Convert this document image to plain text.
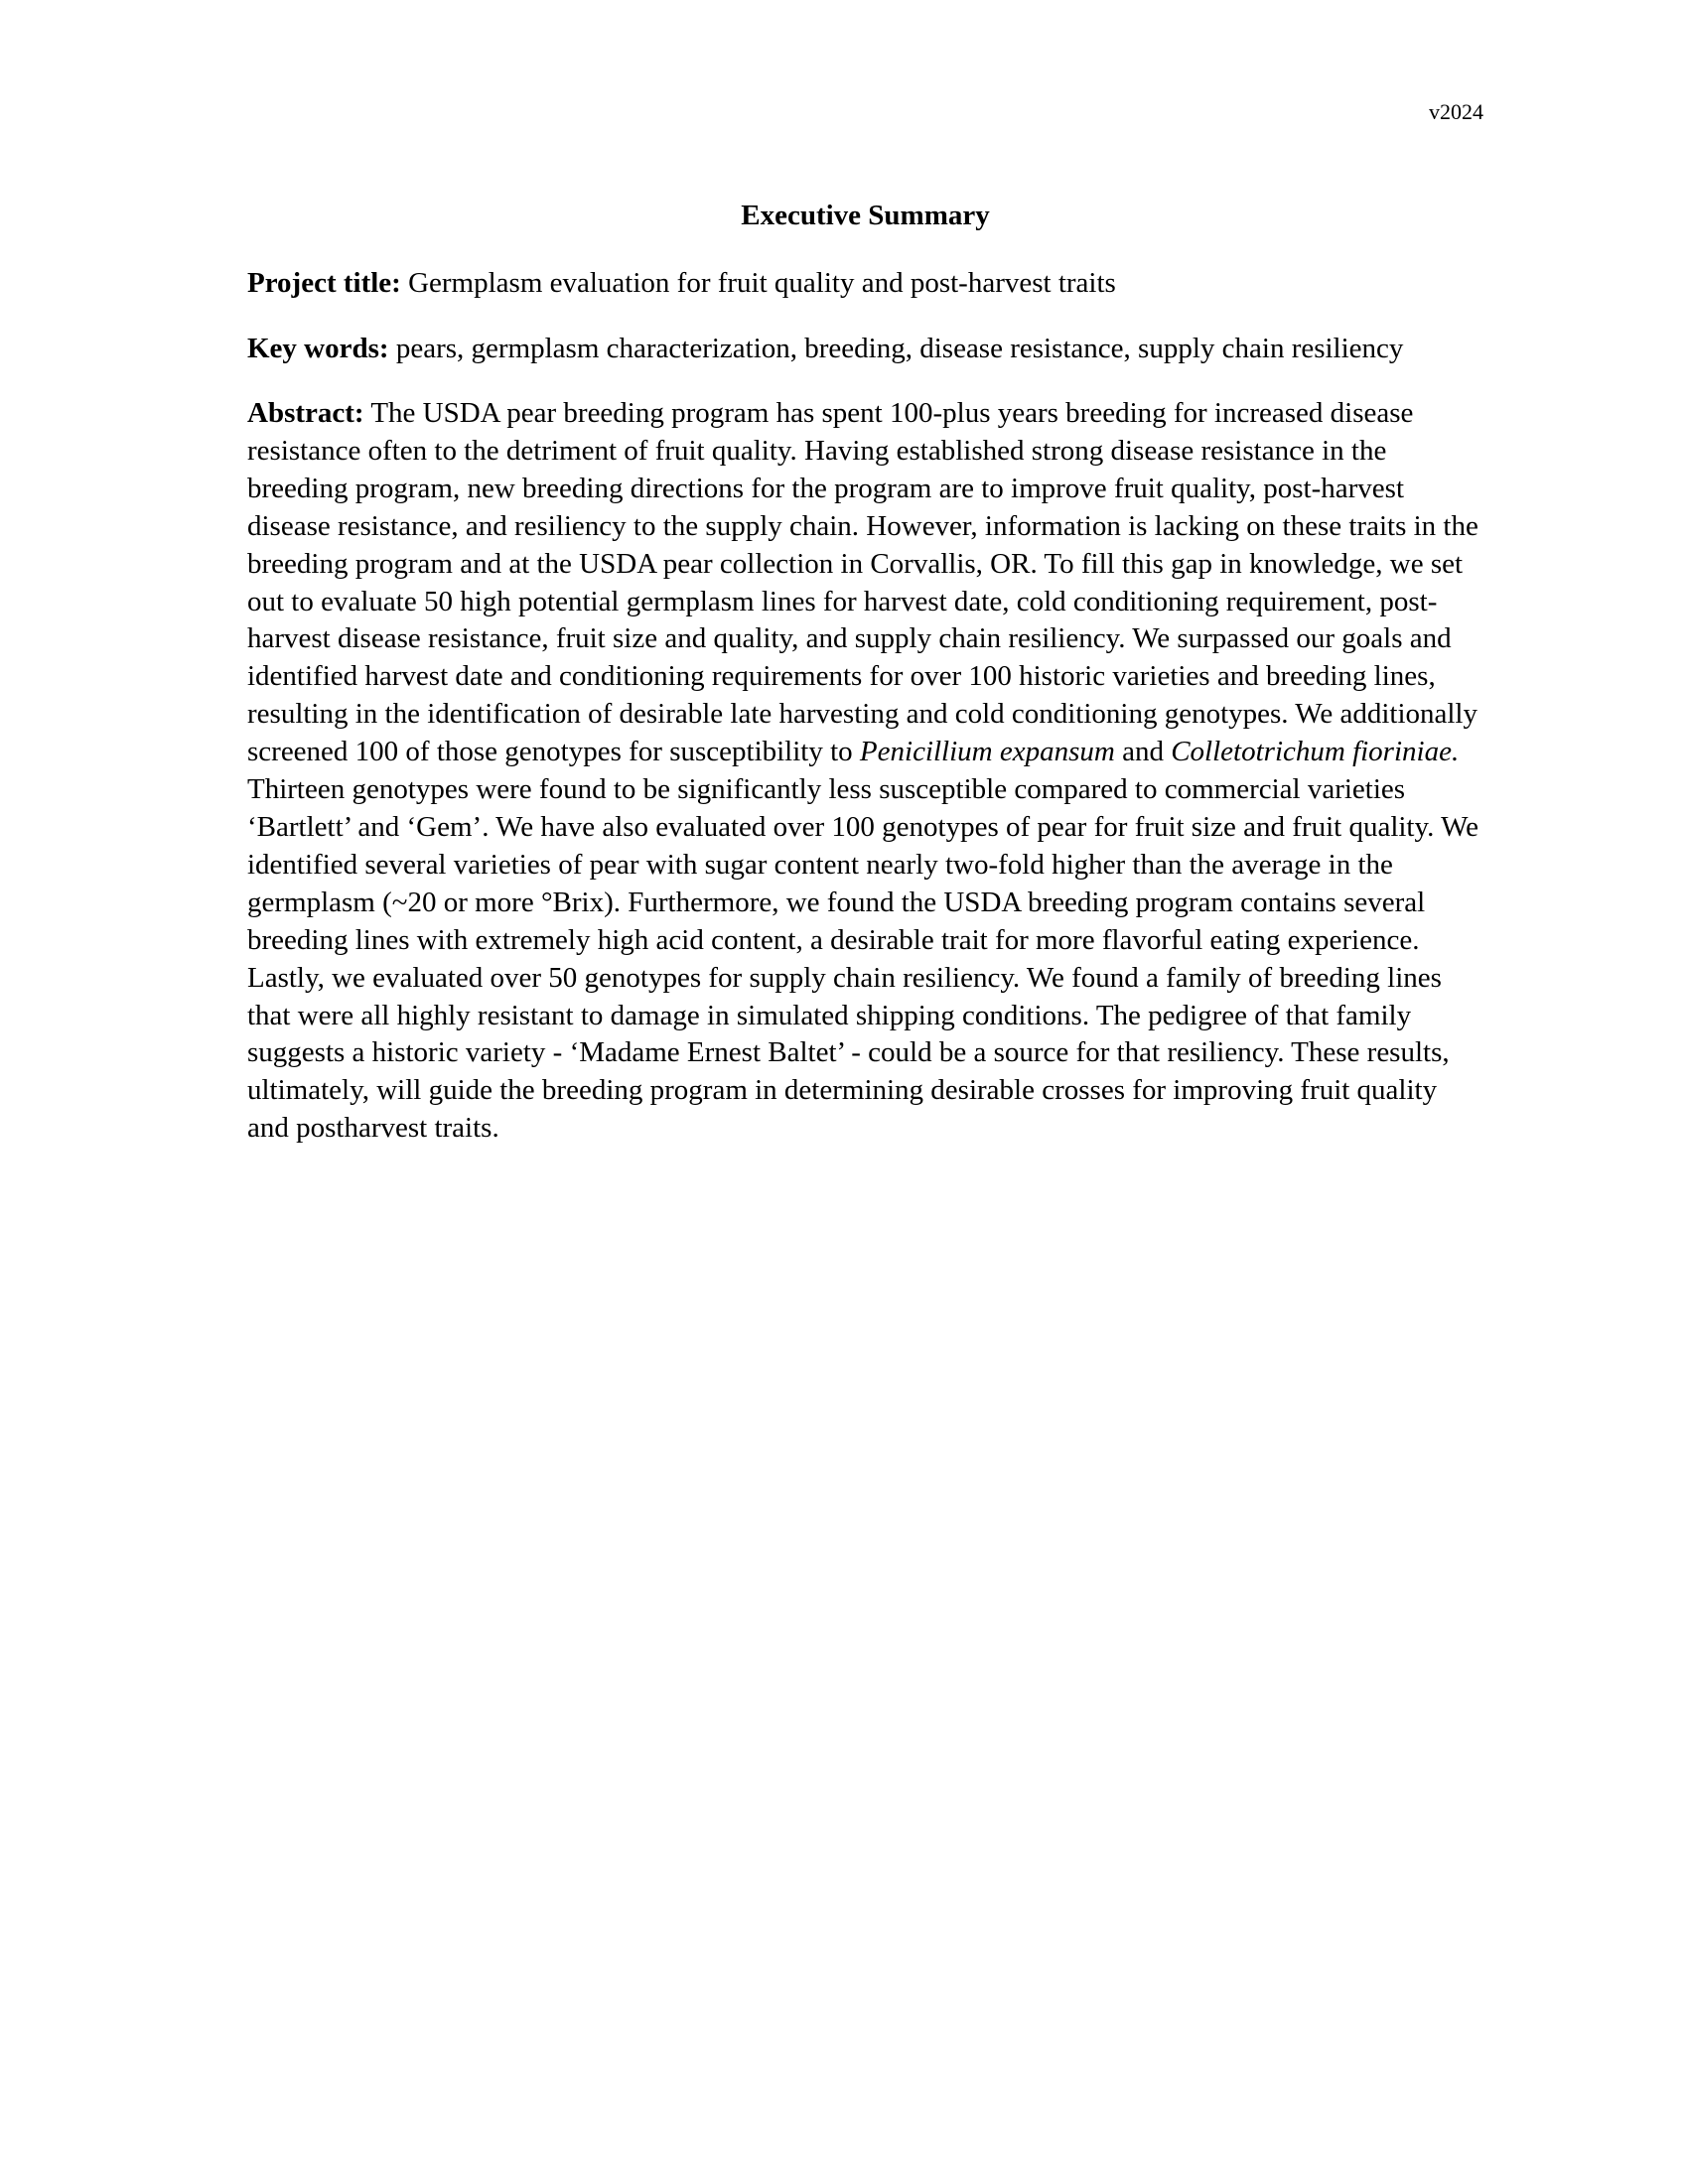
v2024
Executive Summary

Project title: Germplasm evaluation for fruit quality and post-harvest traits

Key words: pears, germplasm characterization, breeding, disease resistance, supply chain resiliency

Abstract: The USDA pear breeding program has spent 100-plus years breeding for increased disease resistance often to the detriment of fruit quality. Having established strong disease resistance in the breeding program, new breeding directions for the program are to improve fruit quality, post-harvest disease resistance, and resiliency to the supply chain. However, information is lacking on these traits in the breeding program and at the USDA pear collection in Corvallis, OR. To fill this gap in knowledge, we set out to evaluate 50 high potential germplasm lines for harvest date, cold conditioning requirement, post-harvest disease resistance, fruit size and quality, and supply chain resiliency. We surpassed our goals and identified harvest date and conditioning requirements for over 100 historic varieties and breeding lines, resulting in the identification of desirable late harvesting and cold conditioning genotypes. We additionally screened 100 of those genotypes for susceptibility to Penicillium expansum and Colletotrichum fioriniae. Thirteen genotypes were found to be significantly less susceptible compared to commercial varieties ‘Bartlett’ and ‘Gem’. We have also evaluated over 100 genotypes of pear for fruit size and fruit quality. We identified several varieties of pear with sugar content nearly two-fold higher than the average in the germplasm (~20 or more °Brix). Furthermore, we found the USDA breeding program contains several breeding lines with extremely high acid content, a desirable trait for more flavorful eating experience. Lastly, we evaluated over 50 genotypes for supply chain resiliency. We found a family of breeding lines that were all highly resistant to damage in simulated shipping conditions. The pedigree of that family suggests a historic variety - ‘Madame Ernest Baltet’ - could be a source for that resiliency. These results, ultimately, will guide the breeding program in determining desirable crosses for improving fruit quality and postharvest traits.
